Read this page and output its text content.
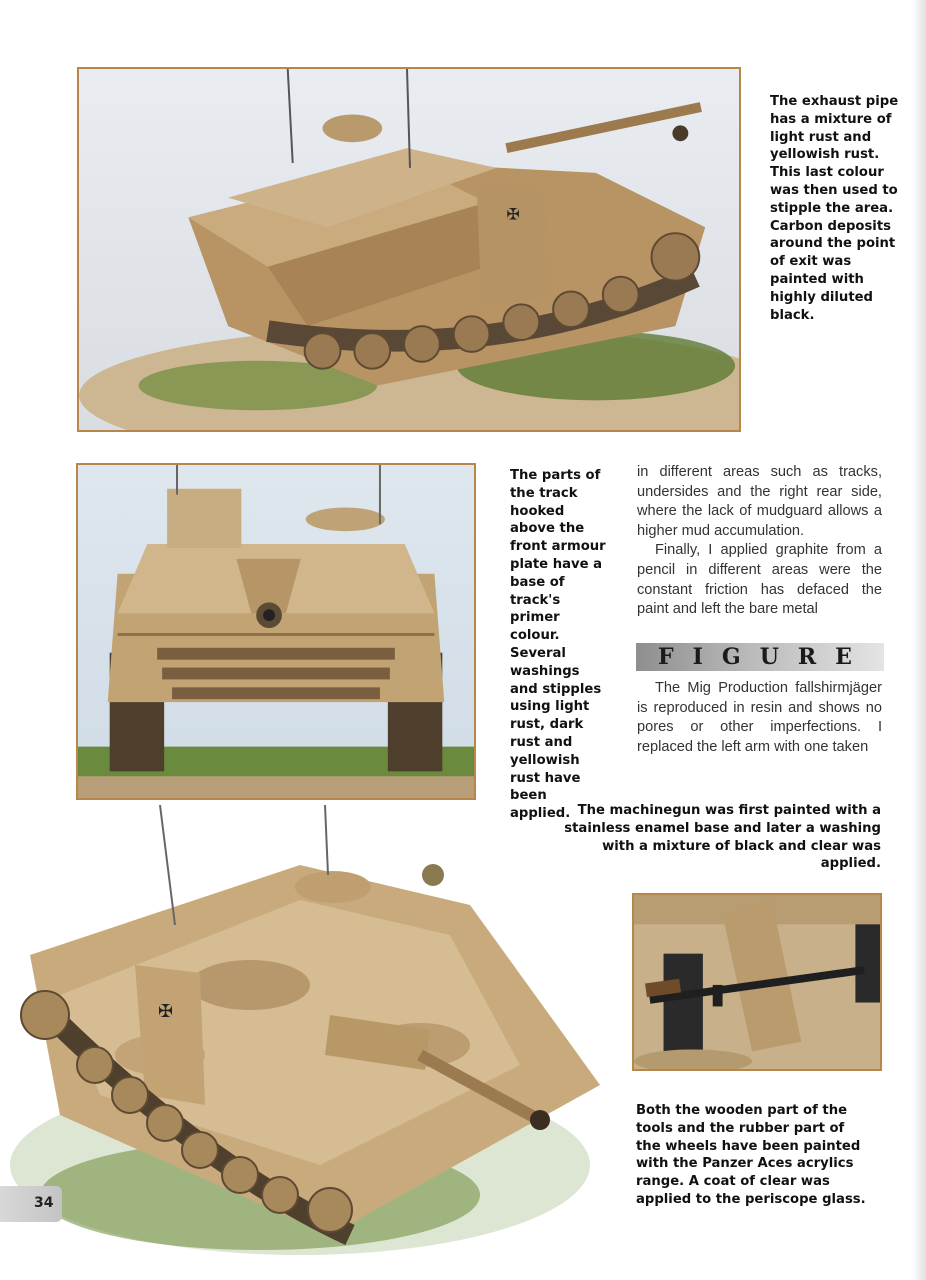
✠
The exhaust pipe has a mixture of light rust and yellowish rust. This last colour was then used to stipple the area. Carbon deposits around the point of exit was painted with highly diluted black.
The parts of the track hooked above the front armour plate have a base of track's primer colour. Several washings and stipples using light rust, dark rust and yellowish rust have been applied.

in different areas such as tracks, undersides and the right rear side, where the lack of mudguard allows a higher mud accumulation.

Finally, I applied graphite from a pencil in different areas were the constant friction has defaced the paint and left the bare metal

FIGURE

The Mig Production fallshirmjäger is reproduced in resin and shows no pores or other imperfections. I replaced the left arm with one taken

The machinegun was first painted with a stainless enamel base and later a washing with a mixture of black and clear was applied.
✠
Both the wooden part of the tools and the rubber part of the wheels have been painted with the Panzer Aces acrylics range. A coat of clear was applied to the periscope glass.
34
